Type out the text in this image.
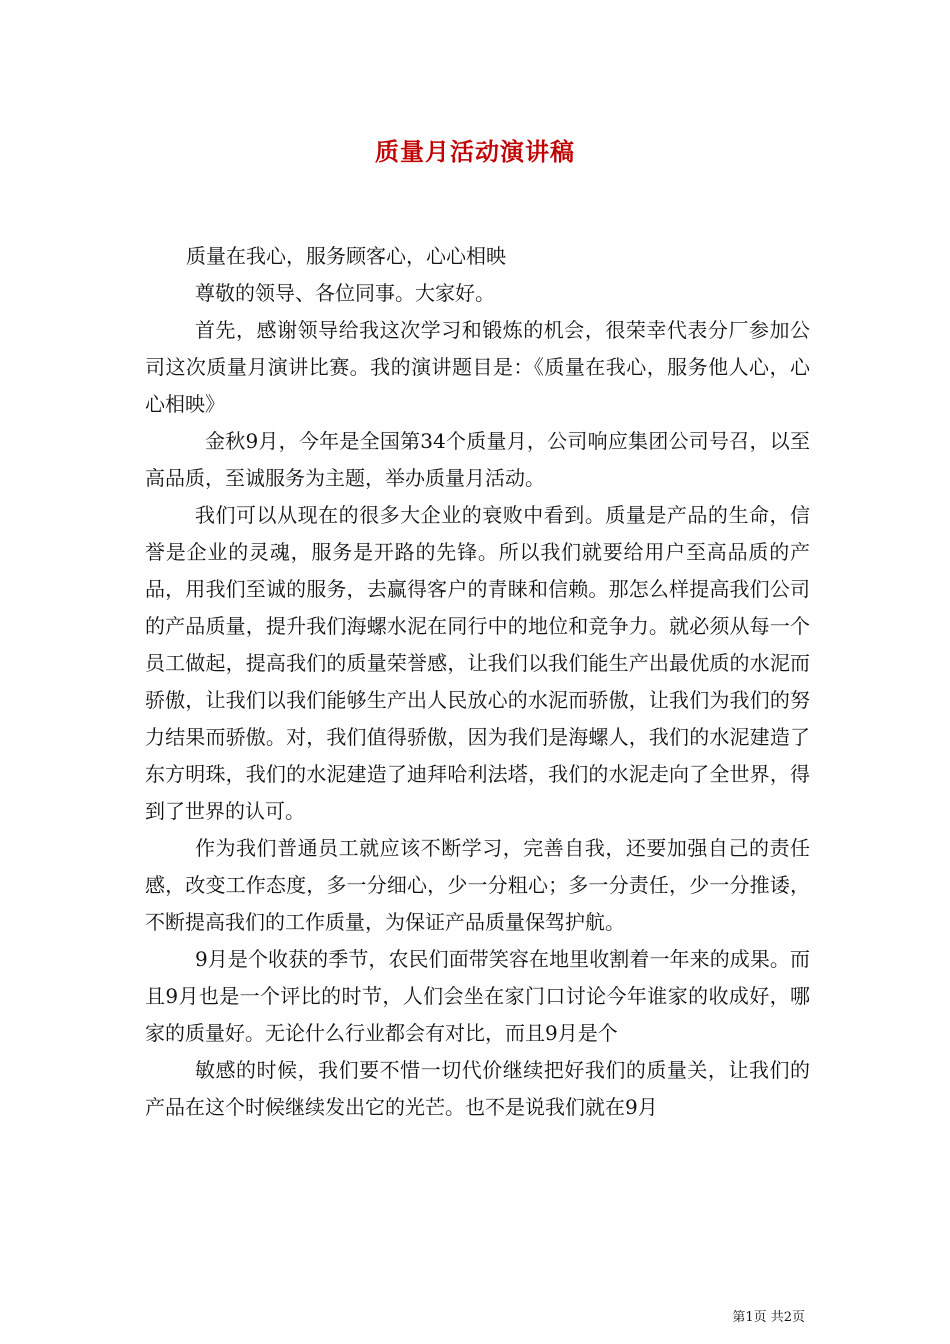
质量月活动演讲稿

质量在我心，服务顾客心，心心相映

尊敬的领导、各位同事。大家好。

首先，感谢领导给我这次学习和锻炼的机会，很荣幸代表分厂参加公司这次质量月演讲比赛。我的演讲题目是：《质量在我心，服务他人心，心心相映》

金秋9月，今年是全国第34个质量月，公司响应集团公司号召，以至高品质，至诚服务为主题，举办质量月活动。

我们可以从现在的很多大企业的衰败中看到。质量是产品的生命，信誉是企业的灵魂，服务是开路的先锋。所以我们就要给用户至高品质的产品，用我们至诚的服务，去赢得客户的青睐和信赖。那怎么样提高我们公司的产品质量，提升我们海螺水泥在同行中的地位和竞争力。就必须从每一个员工做起，提高我们的质量荣誉感，让我们以我们能生产出最优质的水泥而骄傲，让我们以我们能够生产出人民放心的水泥而骄傲，让我们为我们的努力结果而骄傲。对，我们值得骄傲，因为我们是海螺人，我们的水泥建造了东方明珠，我们的水泥建造了迪拜哈利法塔，我们的水泥走向了全世界，得到了世界的认可。

作为我们普通员工就应该不断学习，完善自我，还要加强自己的责任感，改变工作态度，多一分细心，少一分粗心；多一分责任，少一分推诿，不断提高我们的工作质量，为保证产品质量保驾护航。

9月是个收获的季节，农民们面带笑容在地里收割着一年来的成果。而且9月也是一个评比的时节，人们会坐在家门口讨论今年谁家的收成好，哪家的质量好。无论什么行业都会有对比，而且9月是个

敏感的时候，我们要不惜一切代价继续把好我们的质量关，让我们的产品在这个时候继续发出它的光芒。也不是说我们就在9月

第1页 共2页
